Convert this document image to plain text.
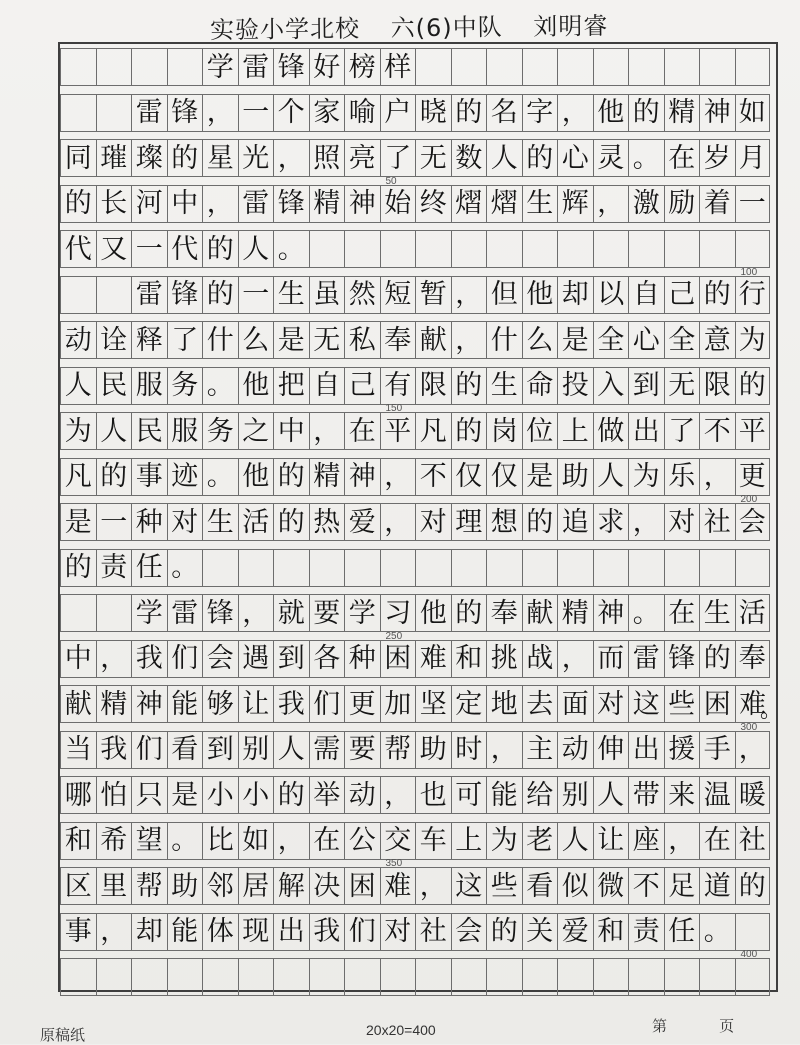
实验小学北校 六(6)中队 刘明睿
学 雷 锋 好 榜 样
雷 锋 ， 一 个 家 喻 户 晓 的 名 字 ， 他 的 精 神 如
同 璀 璨 的 星 光 ， 照 亮 了 无 数 人 的 心 灵 。 在 岁 月
的 长 河 中 ， 雷 锋 精 神 始 终 熠 熠 生 辉 ， 激 励 着 一
代 又 一 代 的 人 。
雷 锋 的 一 生 虽 然 短 暂 ， 但 他 却 以 自 己 的 行
动 诠 释 了 什 么 是 无 私 奉 献 ， 什 么 是 全 心 全 意 为
人 民 服 务 。 他 把 自 己 有 限 的 生 命 投 入 到 无 限 的
为 人 民 服 务 之 中 ， 在 平 凡 的 岗 位 上 做 出 了 不 平
凡 的 事 迹 。 他 的 精 神 ， 不 仅 仅 是 助 人 为 乐 ， 更
是 一 种 对 生 活 的 热 爱 ， 对 理 想 的 追 求 ， 对 社 会
的 责 任 。
学 雷 锋 ， 就 要 学 习 他 的 奉 献 精 神 。 在 生 活
中 ， 我 们 会 遇 到 各 种 困 难 和 挑 战 ， 而 雷 锋 的 奉
献 精 神 能 够 让 我 们 更 加 坚 定 地 去 面 对 这 些 困 难
。
当 我 们 看 到 别 人 需 要 帮 助 时 ， 主 动 伸 出 援 手 ，
哪 怕 只 是 小 小 的 举 动 ， 也 可 能 给 别 人 带 来 温 暖
和 希 望 。 比 如 ， 在 公 交 车 上 为 老 人 让 座 ， 在 社
区 里 帮 助 邻 居 解 决 困 难 ， 这 些 看 似 微 不 足 道 的
事 ， 却 能 体 现 出 我 们 对 社 会 的 关 爱 和 责 任 。
50
100
150
200
250
300
350
400
原稿纸	20x20=400	第 页
